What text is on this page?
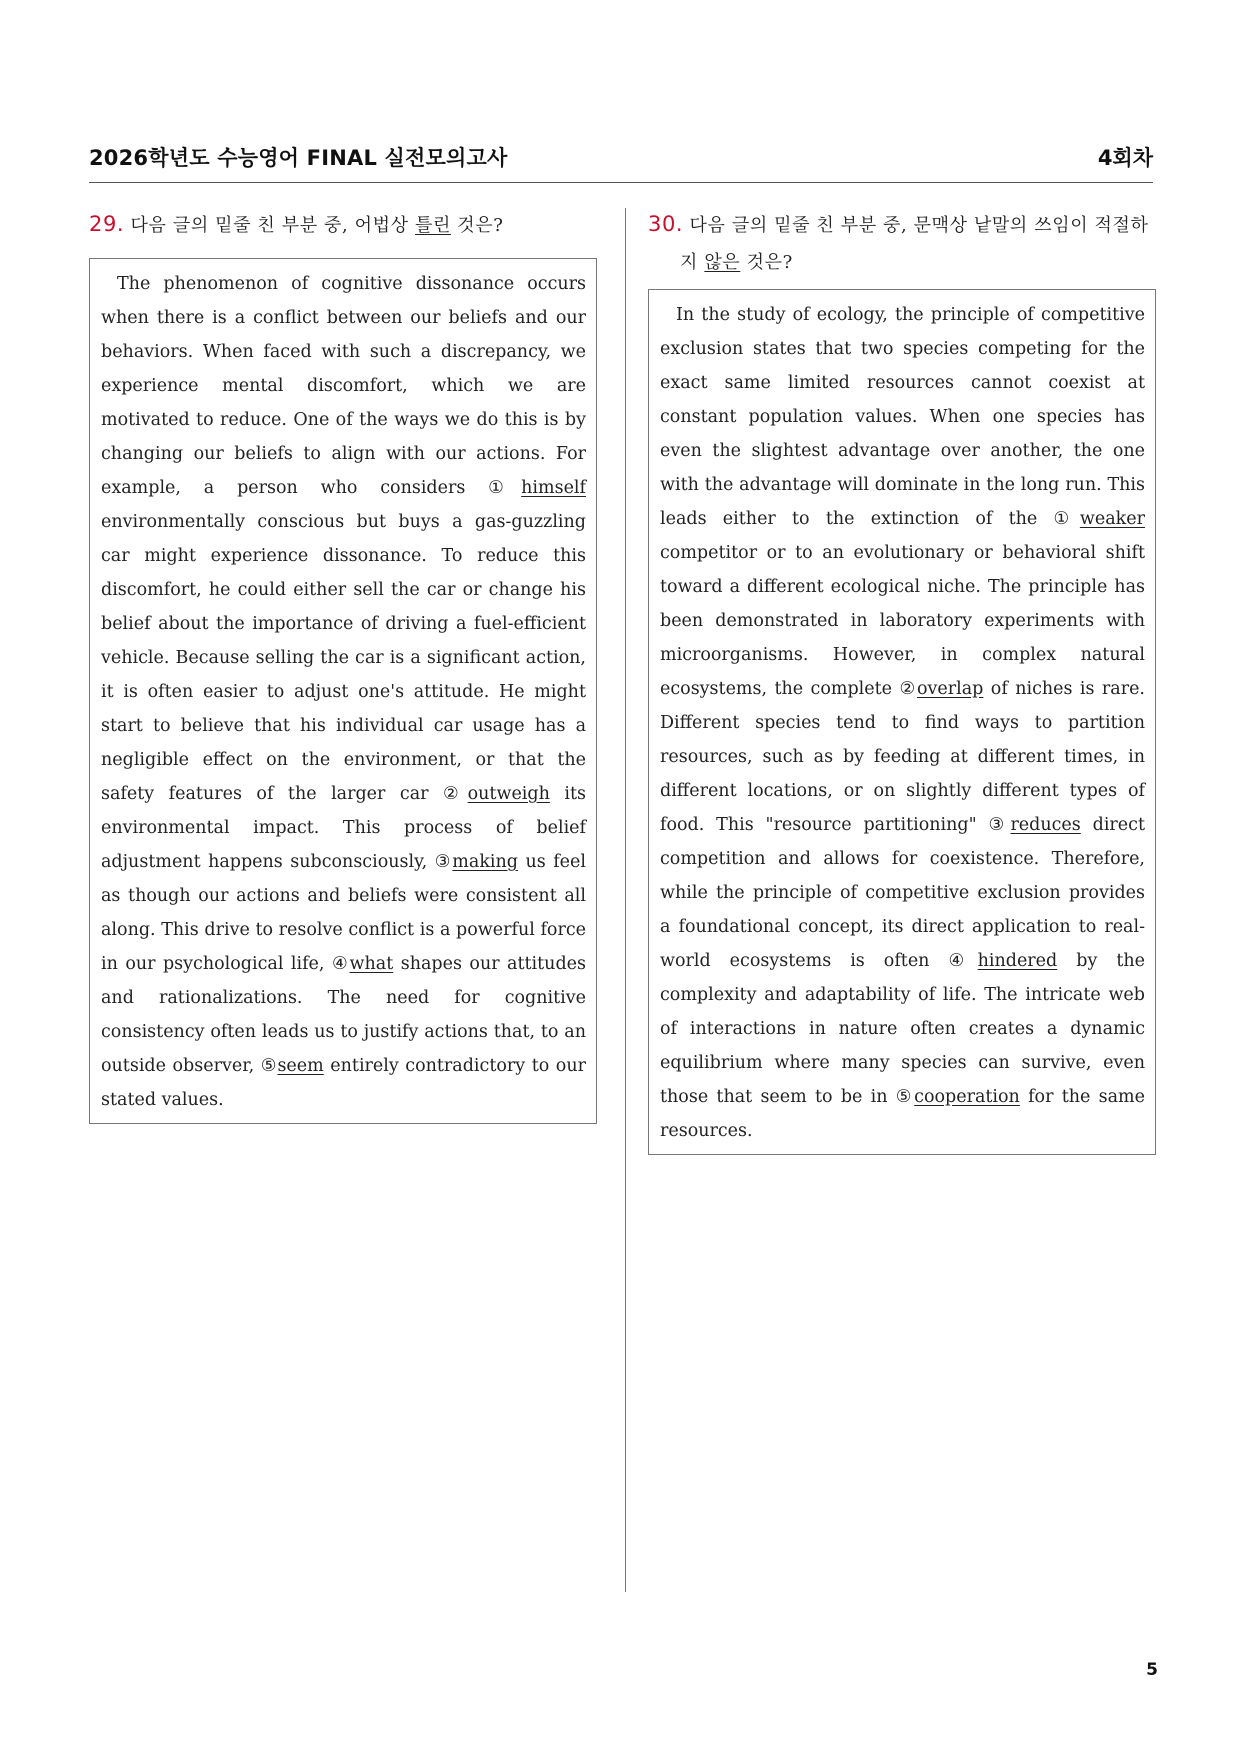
2026학년도 수능영어 FINAL 실전모의고사	4회차
29. 다음 글의 밑줄 친 부분 중, 어법상 틀린 것은?

The phenomenon of cognitive dissonance occurs when there is a conflict between our beliefs and our behaviors. When faced with such a discrepancy, we experience mental discomfort, which we are motivated to reduce. One of the ways we do this is by changing our beliefs to align with our actions. For example, a person who considers ①himself environmentally conscious but buys a gas-guzzling car might experience dissonance. To reduce this discomfort, he could either sell the car or change his belief about the importance of driving a fuel-efficient vehicle. Because selling the car is a significant action, it is often easier to adjust one's attitude. He might start to believe that his individual car usage has a negligible effect on the environment, or that the safety features of the larger car ②outweigh its environmental impact. This process of belief adjustment happens subconsciously, ③making us feel as though our actions and beliefs were consistent all along. This drive to resolve conflict is a powerful force in our psychological life, ④what shapes our attitudes and rationalizations. The need for cognitive consistency often leads us to justify actions that, to an outside observer, ⑤seem entirely contradictory to our stated values.

30. 다음 글의 밑줄 친 부분 중, 문맥상 낱말의 쓰임이 적절하지 않은 것은?

In the study of ecology, the principle of competitive exclusion states that two species competing for the exact same limited resources cannot coexist at constant population values. When one species has even the slightest advantage over another, the one with the advantage will dominate in the long run. This leads either to the extinction of the ①weaker competitor or to an evolutionary or behavioral shift toward a different ecological niche. The principle has been demonstrated in laboratory experiments with microorganisms. However, in complex natural ecosystems, the complete ②overlap of niches is rare. Different species tend to find ways to partition resources, such as by feeding at different times, in different locations, or on slightly different types of food. This "resource partitioning" ③reduces direct competition and allows for coexistence. Therefore, while the principle of competitive exclusion provides a foundational concept, its direct application to real-world ecosystems is often ④hindered by the complexity and adaptability of life. The intricate web of interactions in nature often creates a dynamic equilibrium where many species can survive, even those that seem to be in ⑤cooperation for the same resources.

5
